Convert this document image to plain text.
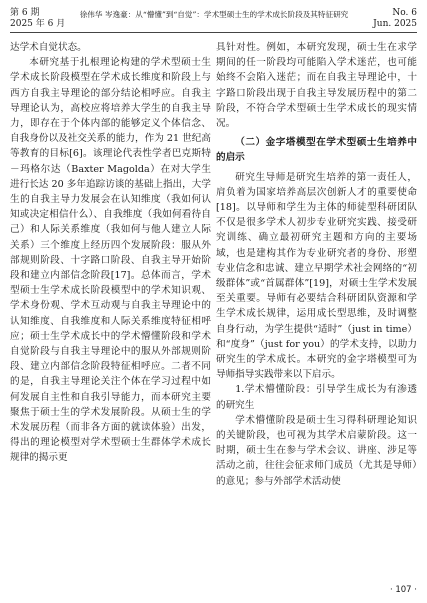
第 6 期
2025 年 6 月
徐伟华 岑逸豪：从“懵懂”到“自觉”：学术型硕士生的学术成长阶段及其特征研究	No. 6
Jun. 2025

达学术自觉状态。

本研究基于扎根理论构建的学术型硕士生学术成长阶段模型在学术成长维度和阶段上与西方自我主导理论的部分结论相呼应。自我主导理论认为，高校应将培养大学生的自我主导力，即存在于个体内部的能够定义个体信念、自我身份以及社交关系的能力，作为 21 世纪高等教育的目标[6]。该理论代表性学者巴克斯特－玛格尔达（Baxter Magolda）在对大学生进行长达 20 多年追踪访谈的基础上指出，大学生的自我主导力发展会在认知维度（我如何认知或决定相信什么）、自我维度（我如何看待自己）和人际关系维度（我如何与他人建立人际关系）三个维度上经历四个发展阶段：服从外部规则阶段、十字路口阶段、自我主导开始阶段和建立内部信念阶段[17]。总体而言，学术型硕士生学术成长阶段模型中的学术知识观、学术身份观、学术互动观与自我主导理论中的认知维度、自我维度和人际关系维度特征相呼应；硕士生学术成长中的学术懵懂阶段和学术自觉阶段与自我主导理论中的服从外部规则阶段、建立内部信念阶段特征相呼应。二者不同的是，自我主导理论关注个体在学习过程中如何发展自主性和自我引导能力，而本研究主要聚焦于硕士生的学术发展阶段。从硕士生的学术发展历程（而非各方面的就读体验）出发，得出的理论模型对学术型硕士生群体学术成长规律的揭示更

具针对性。例如，本研究发现，硕士生在求学期间的任一阶段均可能陷入学术迷茫，也可能始终不会陷入迷茫；而在自我主导理论中，十字路口阶段出现于自我主导发展历程中的第二阶段，不符合学术型硕士生学术成长的现实情况。

（二）金字塔模型在学术型硕士生培养中的启示

研究生导师是研究生培养的第一责任人，肩负着为国家培养高层次创新人才的重要使命[18]。以导师和学生为主体的师徒型科研团队不仅是很多学术人初步专业研究实践、接受研究训练、确立最初研究主题和方向的主要场域，也是建构其作为专业研究者的身份、形塑专业信念和忠诚、建立早期学术社会网络的“初级群体”或“首属群体”[19]，对硕士生学术发展至关重要。导师有必要结合科研团队资源和学生学术成长规律，运用成长型思维，及时调整自身行动，为学生提供“适时”（just in time）和“度身”（just for you）的学术支持，以助力研究生的学术成长。本研究的金字塔模型可为导师指导实践带来以下启示。

1.学术懵懂阶段：引导学生成长为有渗透的研究生

学术懵懂阶段是硕士生习得科研理论知识的关键阶段，也可视为其学术启蒙阶段。这一时期，硕士生在参与学术会议、讲座、涉足等活动之前，往往会征求师门成员（尤其是导师）的意见；参与外部学术活动使

· 107 ·
